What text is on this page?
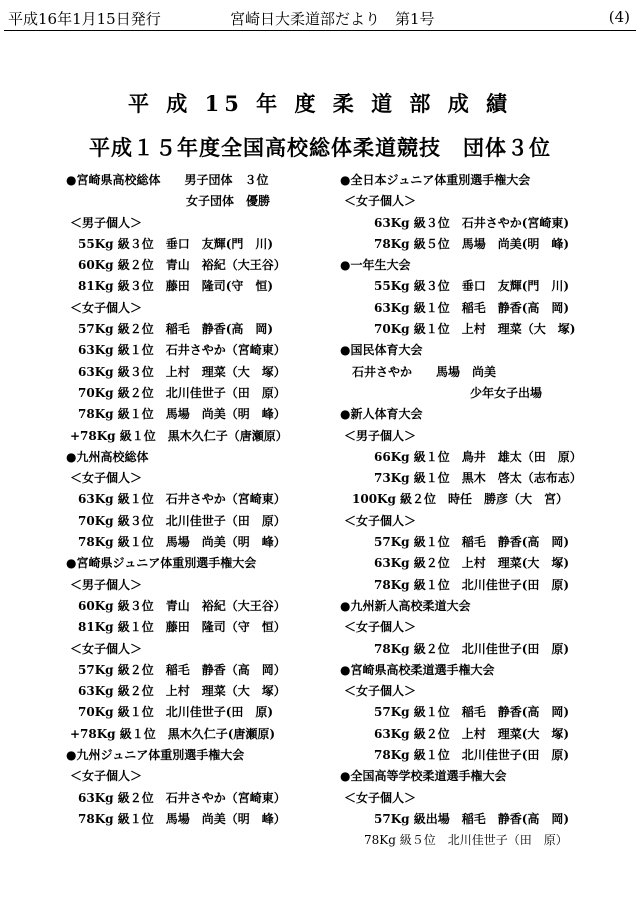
平成16年1月15日発行	宮崎日大柔道部だより　第1号	(4)
平 成 15 年 度 柔 道 部 成 績
平成１５年度全国高校総体柔道競技　団体３位
●宮崎県高校総体　　男子団体　３位
　　　　　　　　　　女子団体　優勝
＜男子個人＞
55Kg 級３位　垂口　友輝(門　川)
60Kg 級２位　青山　裕紀（大王谷）
81Kg 級３位　藤田　隆司(守　恒)
＜女子個人＞
57Kg 級２位　稲毛　静香(高　岡)
63Kg 級１位　石井さやか（宮崎東）
63Kg 級３位　上村　理菜（大　塚）
70Kg 級２位　北川佳世子（田　原）
78Kg 級１位　馬場　尚美（明　峰）
+78Kg 級１位　黒木久仁子（唐瀬原）
●九州高校総体
＜女子個人＞
63Kg 級１位　石井さやか（宮崎東）
70Kg 級３位　北川佳世子（田　原）
78Kg 級１位　馬場　尚美（明　峰）
●宮崎県ジュニア体重別選手権大会
＜男子個人＞
60Kg 級３位　青山　裕紀（大王谷）
81Kg 級１位　藤田　隆司（守　恒）
＜女子個人＞
57Kg 級２位　稲毛　静香（高　岡）
63Kg 級２位　上村　理菜（大　塚）
70Kg 級１位　北川佳世子(田　原)
+78Kg 級１位　黒木久仁子(唐瀬原)
●九州ジュニア体重別選手権大会
＜女子個人＞
63Kg 級２位　石井さやか（宮崎東）
78Kg 級１位　馬場　尚美（明　峰）
●全日本ジュニア体重別選手権大会
＜女子個人＞
63Kg 級３位　石井さやか(宮崎東)
78Kg 級５位　馬場　尚美(明　峰)
●一年生大会
55Kg 級３位　垂口　友輝(門　川)
63Kg 級１位　稲毛　静香(高　岡)
70Kg 級１位　上村　理菜（大　塚)
●国民体育大会
石井さやか　　馬場　尚美
少年女子出場
●新人体育大会
＜男子個人＞
66Kg 級１位　鳥井　雄太（田　原）
73Kg 級１位　黒木　啓太（志布志）
100Kg 級２位　時任　勝彦（大　宮）
＜女子個人＞
57Kg 級１位　稲毛　静香(高　岡)
63Kg 級２位　上村　理菜(大　塚)
78Kg 級１位　北川佳世子(田　原)
●九州新人高校柔道大会
＜女子個人＞
78Kg 級２位　北川佳世子(田　原)
●宮崎県高校柔道選手権大会
＜女子個人＞
57Kg 級１位　稲毛　静香(高　岡)
63Kg 級２位　上村　理菜(大　塚)
78Kg 級１位　北川佳世子(田　原)
●全国高等学校柔道選手権大会
＜女子個人＞
57Kg 級出場　稲毛　静香(高　岡)
78Kg 級５位　北川佳世子（田　原）
